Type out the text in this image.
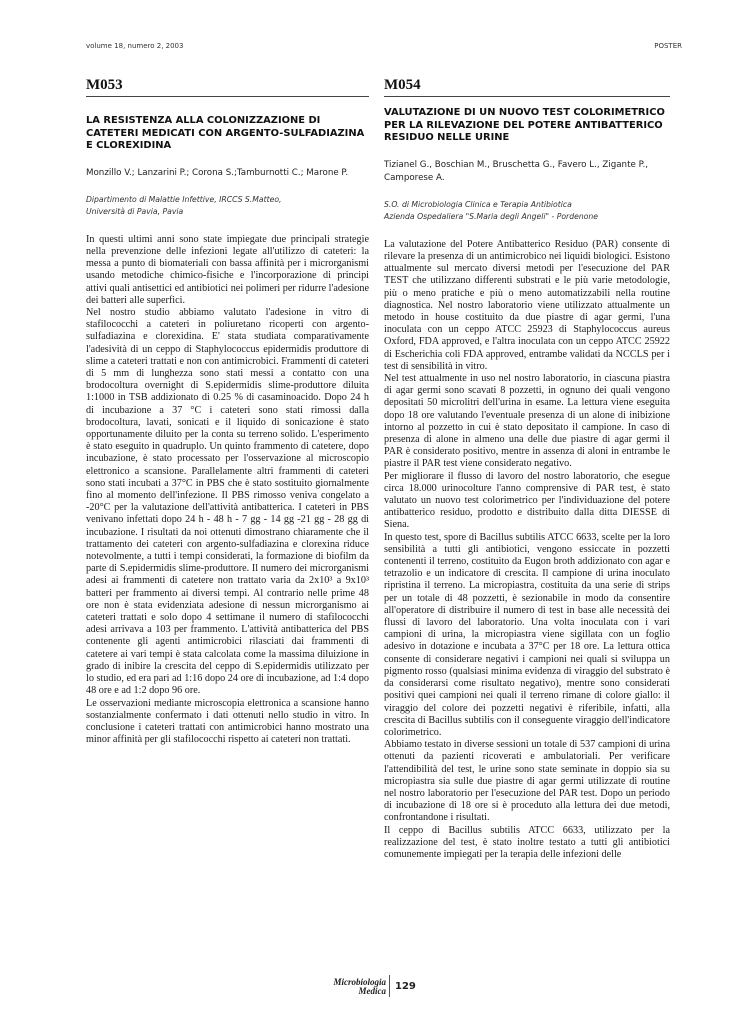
volume 18, numero 2, 2003	POSTER
M053
LA RESISTENZA ALLA COLONIZZAZIONE DI CATETERI MEDICATI CON ARGENTO-SULFADIAZINA E CLOREXIDINA
Monzillo V.; Lanzarini P.; Corona S.;Tamburnotti C.; Marone P.
Dipartimento di Malattie Infettive, IRCCS S.Matteo,
Università di Pavia, Pavia

In questi ultimi anni sono state impiegate due principali strategie nella prevenzione delle infezioni legate all'utilizzo di cateteri: la messa a punto di biomateriali con bassa affinità per i microrganismi usando metodiche chimico-fisiche e l'incorporazione di principi attivi quali antisettici ed antibiotici nei polimeri per ridurre l'adesione dei batteri alle superfici.

Nel nostro studio abbiamo valutato l'adesione in vitro di stafilococchi a cateteri in poliuretano ricoperti con argento-sulfadiazina e clorexidina. E' stata studiata comparativamente l'adesività di un ceppo di Staphylococcus epidermidis produttore di slime a cateteri trattati e non con antimicrobici. Frammenti di cateteri di 5 mm di lunghezza sono stati messi a contatto con una brodocoltura overnight di S.epidermidis slime-produttore diluita 1:1000 in TSB addizionato di 0.25 % di casaminoacido. Dopo 24 h di incubazione a 37 °C i cateteri sono stati rimossi dalla brodocoltura, lavati, sonicati e il liquido di sonicazione è stato opportunamente diluito per la conta su terreno solido. L'esperimento è stato eseguito in quadruplo. Un quinto frammento di catetere, dopo incubazione, è stato processato per l'osservazione al microscopio elettronico a scansione. Parallelamente altri frammenti di cateteri sono stati incubati a 37°C in PBS che è stato sostituito giornalmente fino al momento dell'infezione. Il PBS rimosso veniva congelato a -20°C per la valutazione dell'attività antibatterica. I cateteri in PBS venivano infettati dopo 24 h - 48 h - 7 gg - 14 gg -21 gg - 28 gg di incubazione. I risultati da noi ottenuti dimostrano chiaramente che il trattamento dei cateteri con argento-sulfadiazina e clorexina riduce notevolmente, a tutti i tempi considerati, la formazione di biofilm da parte di S.epidermidis slime-produttore. Il numero dei microrganismi adesi ai frammenti di catetere non trattato varia da 2x10³ a 9x10³ batteri per frammento ai diversi tempi. Al contrario nelle prime 48 ore non è stata evidenziata adesione di nessun microrganismo ai cateteri trattati e solo dopo 4 settimane il numero di stafilococchi adesi arrivava a 103 per frammento. L'attività antibatterica del PBS contenente gli agenti antimicrobici rilasciati dai frammenti di catetere ai vari tempi è stata calcolata come la massima diluizione in grado di inibire la crescita del ceppo di S.epidermidis utilizzato per lo studio, ed era pari ad 1:16 dopo 24 ore di incubazione, ad 1:4 dopo 48 ore e ad 1:2 dopo 96 ore.

Le osservazioni mediante microscopia elettronica a scansione hanno sostanzialmente confermato i dati ottenuti nello studio in vitro. In conclusione i cateteri trattati con antimicrobici hanno mostrato una minor affinità per gli stafilococchi rispetto ai cateteri non trattati.

M054
VALUTAZIONE DI UN NUOVO TEST COLORIMETRICO PER LA RILEVAZIONE DEL POTERE ANTIBATTERICO RESIDUO NELLE URINE
Tizianel G., Boschian M., Bruschetta G., Favero L., Zigante P., Camporese A.
S.O. di Microbiologia Clinica e Terapia Antibiotica
Azienda Ospedaliera "S.Maria degli Angeli" - Pordenone

La valutazione del Potere Antibatterico Residuo (PAR) consente di rilevare la presenza di un antimicrobico nei liquidi biologici. Esistono attualmente sul mercato diversi metodi per l'esecuzione del PAR TEST che utilizzano differenti substrati e le più varie metodologie, più o meno pratiche e più o meno automatizzabili nella routine diagnostica. Nel nostro laboratorio viene utilizzato attualmente un metodo in house costituito da due piastre di agar germi, l'una inoculata con un ceppo ATCC 25923 di Staphylococcus aureus Oxford, FDA approved, e l'altra inoculata con un ceppo ATCC 25922 di Escherichia coli FDA approved, entrambe validati da NCCLS per i test di sensibilità in vitro.

Nel test attualmente in uso nel nostro laboratorio, in ciascuna piastra di agar germi sono scavati 8 pozzetti, in ognuno dei quali vengono depositati 50 microlitri dell'urina in esame. La lettura viene eseguita dopo 18 ore valutando l'eventuale presenza di un alone di inibizione intorno al pozzetto in cui è stato depositato il campione. In caso di presenza di alone in almeno una delle due piastre di agar germi il PAR è considerato positivo, mentre in assenza di aloni in entrambe le piastre il PAR test viene considerato negativo.

Per migliorare il flusso di lavoro del nostro laboratorio, che esegue circa 18.000 urinocolture l'anno comprensive di PAR test, è stato valutato un nuovo test colorimetrico per l'individuazione del potere antibatterico residuo, prodotto e distribuito dalla ditta DIESSE di Siena.

In questo test, spore di Bacillus subtilis ATCC 6633, scelte per la loro sensibilità a tutti gli antibiotici, vengono essiccate in pozzetti contenenti il terreno, costituito da Eugon broth addizionato con agar e tetrazolio e un indicatore di crescita. Il campione di urina inoculato ripristina il terreno. La micropiastra, costituita da una serie di strips per un totale di 48 pozzetti, è sezionabile in modo da consentire all'operatore di distribuire il numero di test in base alle necessità dei flussi di lavoro del laboratorio. Una volta inoculata con i vari campioni di urina, la micropiastra viene sigillata con un foglio adesivo in dotazione e incubata a 37°C per 18 ore. La lettura ottica consente di considerare negativi i campioni nei quali si sviluppa un pigmento rosso (qualsiasi minima evidenza di viraggio del substrato è da considerarsi come risultato negativo), mentre sono considerati positivi quei campioni nei quali il terreno rimane di colore giallo: il viraggio del colore dei pozzetti negativi è riferibile, infatti, alla crescita di Bacillus subtilis con il conseguente viraggio dell'indicatore colorimetrico.

Abbiamo testato in diverse sessioni un totale di 537 campioni di urina ottenuti da pazienti ricoverati e ambulatoriali. Per verificare l'attendibilità del test, le urine sono state seminate in doppio sia su micropiastra sia sulle due piastre di agar germi utilizzate di routine nel nostro laboratorio per l'esecuzione del PAR test. Dopo un periodo di incubazione di 18 ore si è proceduto alla lettura dei due metodi, confrontandone i risultati.

Il ceppo di Bacillus subtilis ATCC 6633, utilizzato per la realizzazione del test, è stato inoltre testato a tutti gli antibiotici comunemente impiegati per la terapia delle infezioni delle

Microbiologia
Medica 129
